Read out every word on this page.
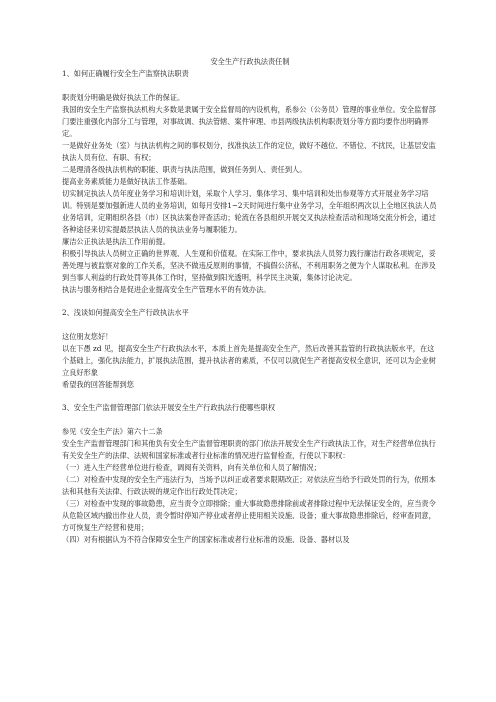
安全生产行政执法责任制
1、如何正确履行安全生产监察执法职责

职责划分明确是做好执法工作的保证。

我国的安全生产监察执法机构大多数是隶属于安全监督局的内设机构，系参公（公务员）管理的事业单位。安全监督部门要注重强化内部分工与管理，对事故调、执法管辖、案件审理、市县两级执法机构职责划分等方面均要作出明确界定。

一是做好业务处（室）与执法机构之间的事权划分，找准执法工作的定位，做好不越位、不错位、不扰民，让基层安监执法人员有位、有职、有权；

二是理清各级执法机构的职能、职责与执法范围，做到任务到人、责任到人。

提高业务素质能力是做好执法工作基础。

切实制定执法人员年度业务学习和培训计划，采取个人学习、集体学习、集中培训和处出参观等方式开展业务学习培训。特别是要加强新进人员的业务培训，如每月安排1~2天时间进行集中业务学习，全年组织两次以上全地区执法人员业务培训，定期组织各县（市）区执法案卷评查活动；轮流在各县组织开展交叉执法检查活动和现场交流分析会，通过各种途径来切实提最层执法人员的执法业务与履职能力。

廉洁公正执法是执法工作用前提。

积极引导执法人员树立正确的世界观、人生观和价值观。在实际工作中，要求执法人员努力践行廉洁行政各项规定，妥善处理与被监察对象的工作关系，坚决不做违反原则的事情，不搞假公济私，不利用职务之便为个人谋取私利。在涉及到当事人利益的行政处罚等具体工作时，坚持做到阳光透明，科学民主决策，集体讨论决定。

执法与服务相结合是促进企业提高安全生产管理水平的有效办法。

2、浅谈如何提高安全生产行政执法水平

这位朋友您好！

以在下愚 zd 见，提高安全生产行政执法水平，本质上首先是提高安全生产，然后改善其监管的行政执法版水平，在这个基础上，强化执法能力，扩展执法范围，提升执法者的素质，不仅可以就促生产者提高安权全意识，还可以为企业树立良好形象

希望我的回答能帮到您

3、安全生产监督管理部门依法开展安全生产行政执法行使哪些职权

参见《安全生产法》第六十二条

安全生产监督管理部门和其他负有安全生产监督管理职责的部门依法开展安全生产行政执法工作，对生产经营单位执行有关安全生产的法律、法规和国家标准或者行业标准的情况进行监督检查，行使以下职权：

（一）进入生产经营单位进行检查，调阅有关资料，向有关单位和人员了解情况；

（二）对检查中发现的安全生产违法行为，当场予以纠正或者要求限期改正；对依法应当给予行政处罚的行为，依照本法和其他有关法律、行政法规的规定作出行政处罚决定；

（三）对检查中发现的事故隐患，应当责令立即排除；重大事故隐患排除前或者排除过程中无法保证安全的，应当责令从危险区域内撤出作业人员，责令暂时停知产停业或者停止使用相关设施、设备；重大事故隐患排除后，经审查同意，方可恢复生产经营和使用；

（四）对有根据认为不符合保障安全生产的国家标准或者行业标准的设施、设备、器材以及
